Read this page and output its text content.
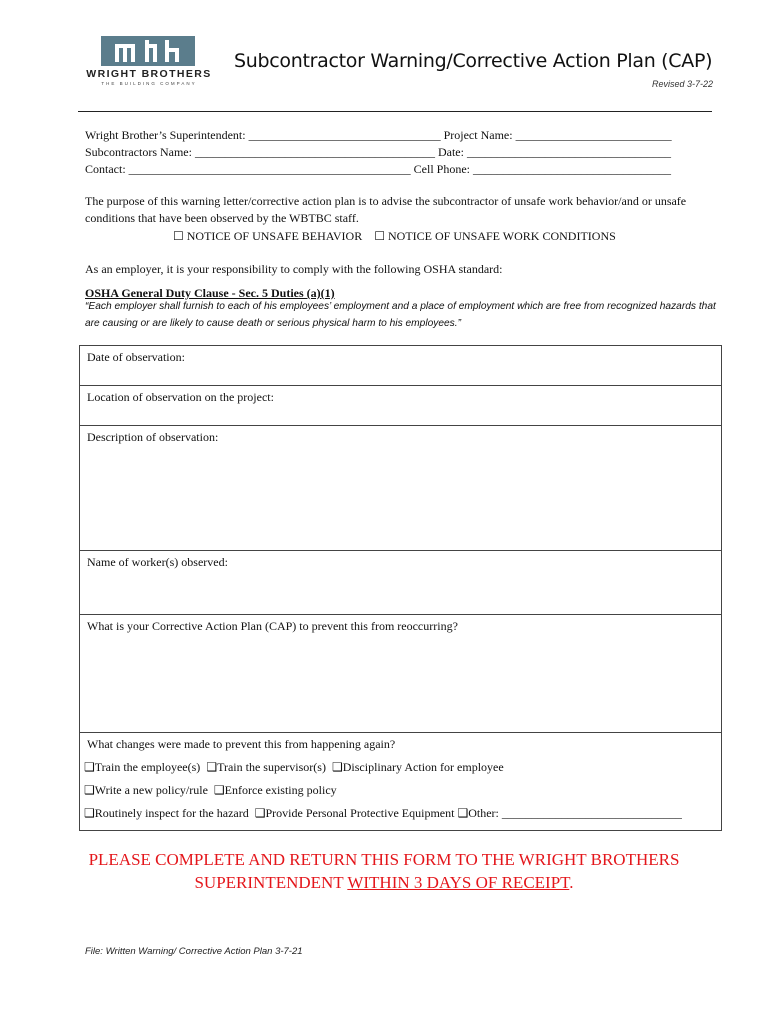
WRIGHT BROTHERS
THE BUILDING COMPANY
Subcontractor Warning/Corrective Action Plan (CAP)
Revised 3-7-22
Wright Brother’s Superintendent: ________________________________ Project Name: __________________________
Subcontractors Name: ________________________________________ Date: __________________________________
Contact: _______________________________________________ Cell Phone: _________________________________
The purpose of this warning letter/corrective action plan is to advise the subcontractor of unsafe work behavior/and or unsafe conditions that have been observed by the WBTBC staff.
☐ NOTICE OF UNSAFE BEHAVIOR ☐ NOTICE OF UNSAFE WORK CONDITIONS
As an employer, it is your responsibility to comply with the following OSHA standard:
OSHA General Duty Clause - Sec. 5 Duties (a)(1)
“Each employer shall furnish to each of his employees’ employment and a place of employment which are free from recognized hazards that are causing or are likely to cause death or serious physical harm to his employees.”
Date of observation:
Location of observation on the project:
Description of observation:
Name of worker(s) observed:
What is your Corrective Action Plan (CAP) to prevent this from reoccurring?
What changes were made to prevent this from happening again?
❑Train the employee(s) ❑Train the supervisor(s) ❑Disciplinary Action for employee
❑Write a new policy/rule ❑Enforce existing policy
❑Routinely inspect for the hazard ❑Provide Personal Protective Equipment ❑Other: ______________________________
PLEASE COMPLETE AND RETURN THIS FORM TO THE WRIGHT BROTHERS SUPERINTENDENT WITHIN 3 DAYS OF RECEIPT.
File: Written Warning/ Corrective Action Plan 3-7-21
